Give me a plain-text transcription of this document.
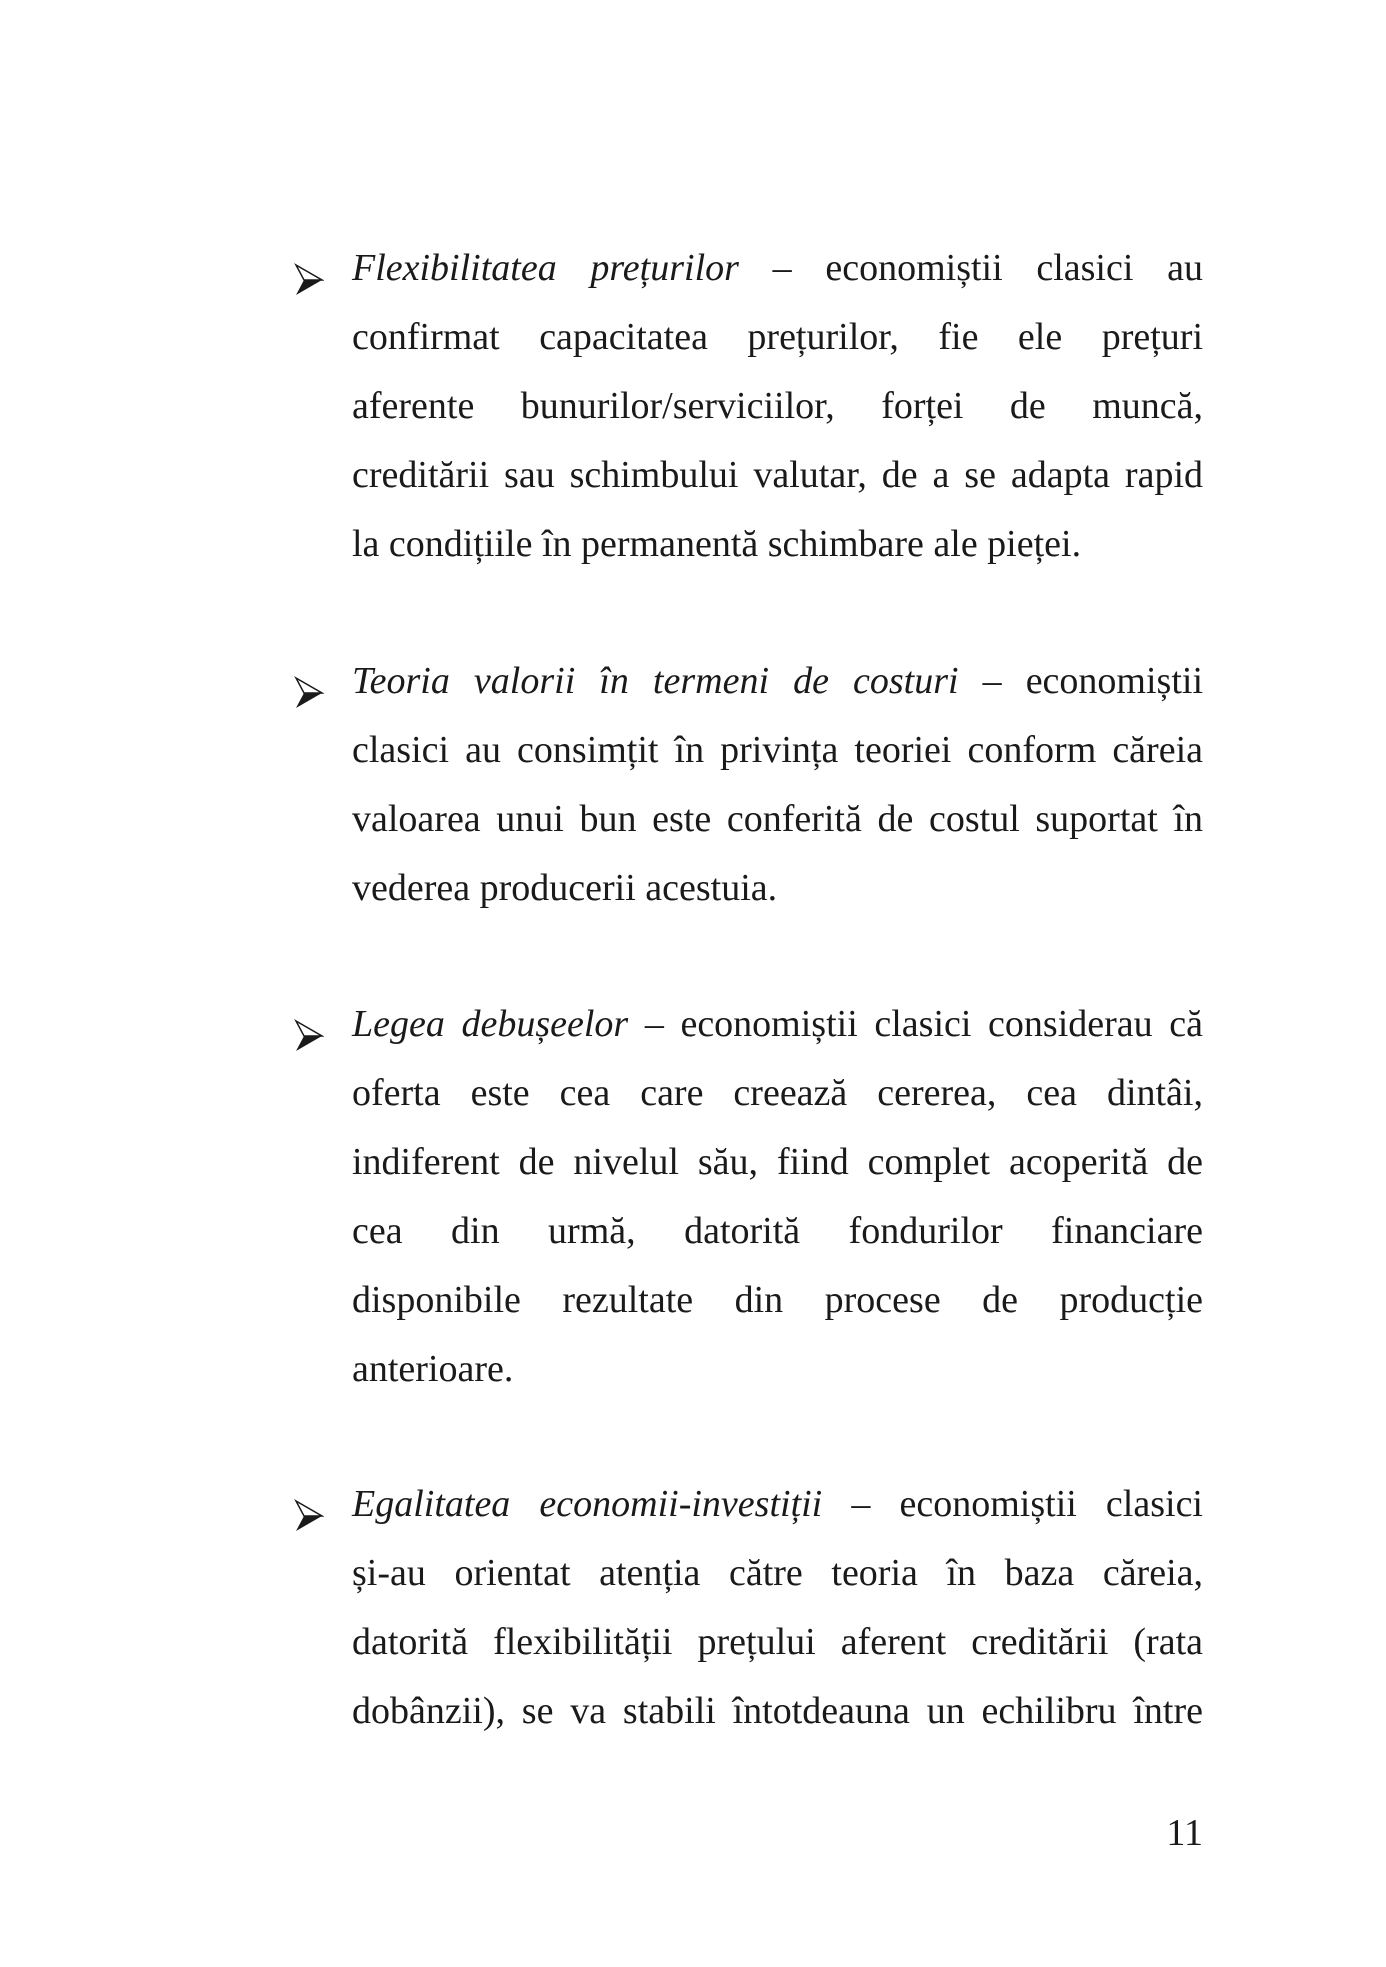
Flexibilitatea prețurilor – economiștii clasici au
confirmat capacitatea prețurilor, fie ele prețuri
aferente bunurilor/serviciilor, forței de muncă,
creditării sau schimbului valutar, de a se adapta rapid
la condițiile în permanentă schimbare ale pieței.
Teoria valorii în termeni de costuri – economiștii
clasici au consimțit în privința teoriei conform căreia
valoarea unui bun este conferită de costul suportat în
vederea producerii acestuia.
Legea debușeelor – economiștii clasici considerau că
oferta este cea care creează cererea, cea dintâi,
indiferent de nivelul său, fiind complet acoperită de
cea din urmă, datorită fondurilor financiare
disponibile rezultate din procese de producție
anterioare.
Egalitatea economii-investiții – economiștii clasici
și-au orientat atenția către teoria în baza căreia,
datorită flexibilității prețului aferent creditării (rata
dobânzii), se va stabili întotdeauna un echilibru între
11
